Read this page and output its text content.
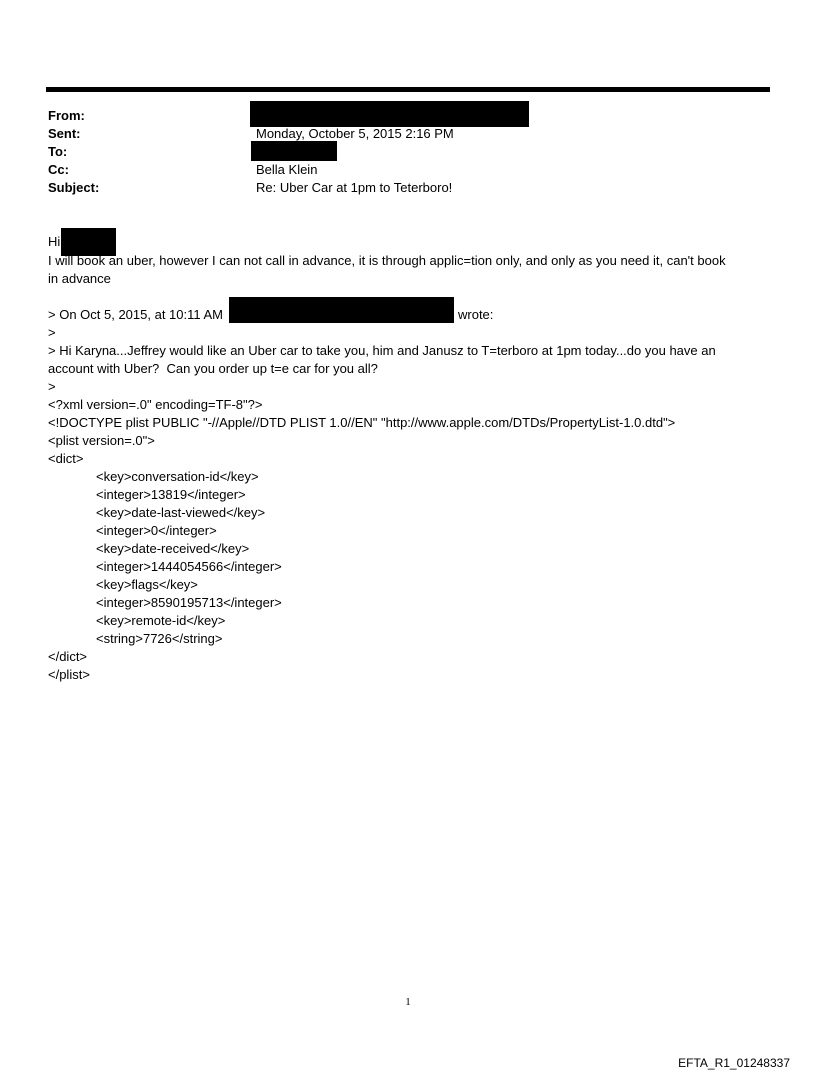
From:
Sent:	Monday, October 5, 2015 2:16 PM
To:
Cc:	Bella Klein
Subject:	Re: Uber Car at 1pm to Teterboro!
Hi
I will book an uber, however I can not call in advance, it is through applic=tion only, and only as you need it, can't book
in advance
> On Oct 5, 2015, at 10:11 AM	wrote:
>
> Hi Karyna...Jeffrey would like an Uber car to take you, him and Janusz to T=terboro at 1pm today...do you have an
account with Uber?  Can you order up t=e car for you all?
>
<?xml version=.0" encoding=TF-8"?>
<!DOCTYPE plist PUBLIC "-//Apple//DTD PLIST 1.0//EN" "http://www.apple.com/DTDs/PropertyList-1.0.dtd">
<plist version=.0">
<dict>
<key>conversation-id</key>
<integer>13819</integer>
<key>date-last-viewed</key>
<integer>0</integer>
<key>date-received</key>
<integer>1444054566</integer>
<key>flags</key>
<integer>8590195713</integer>
<key>remote-id</key>
<string>7726</string>
</dict>
</plist>
1
EFTA_R1_01248337
